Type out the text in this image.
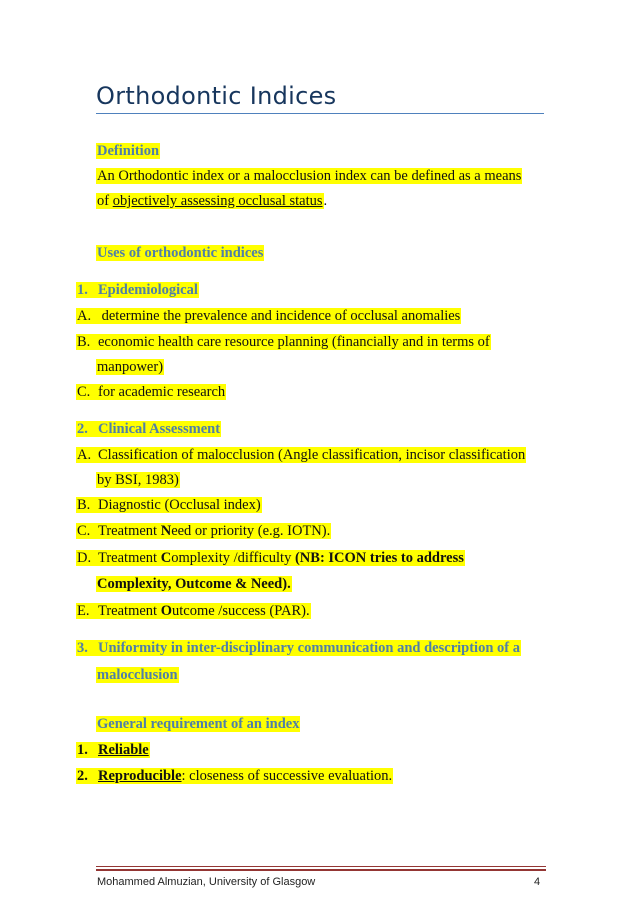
Orthodontic Indices
Definition
An Orthodontic index or a malocclusion index can be defined as a means
of objectively assessing occlusal status.
Uses of orthodontic indices
1. Epidemiological
A. determine the prevalence and incidence of occlusal anomalies
B. economic health care resource planning (financially and in terms of
manpower)
C. for academic research
2. Clinical Assessment
A. Classification of malocclusion (Angle classification, incisor classification
by BSI, 1983)
B. Diagnostic (Occlusal index)
C. Treatment Need or priority (e.g. IOTN).
D. Treatment Complexity /difficulty (NB: ICON tries to address
Complexity, Outcome & Need).
E. Treatment Outcome /success (PAR).
3. Uniformity in inter-disciplinary communication and description of a
malocclusion
General requirement of an index
1. Reliable
2. Reproducible: closeness of successive evaluation.
Mohammed Almuzian, University of Glasgow	4
